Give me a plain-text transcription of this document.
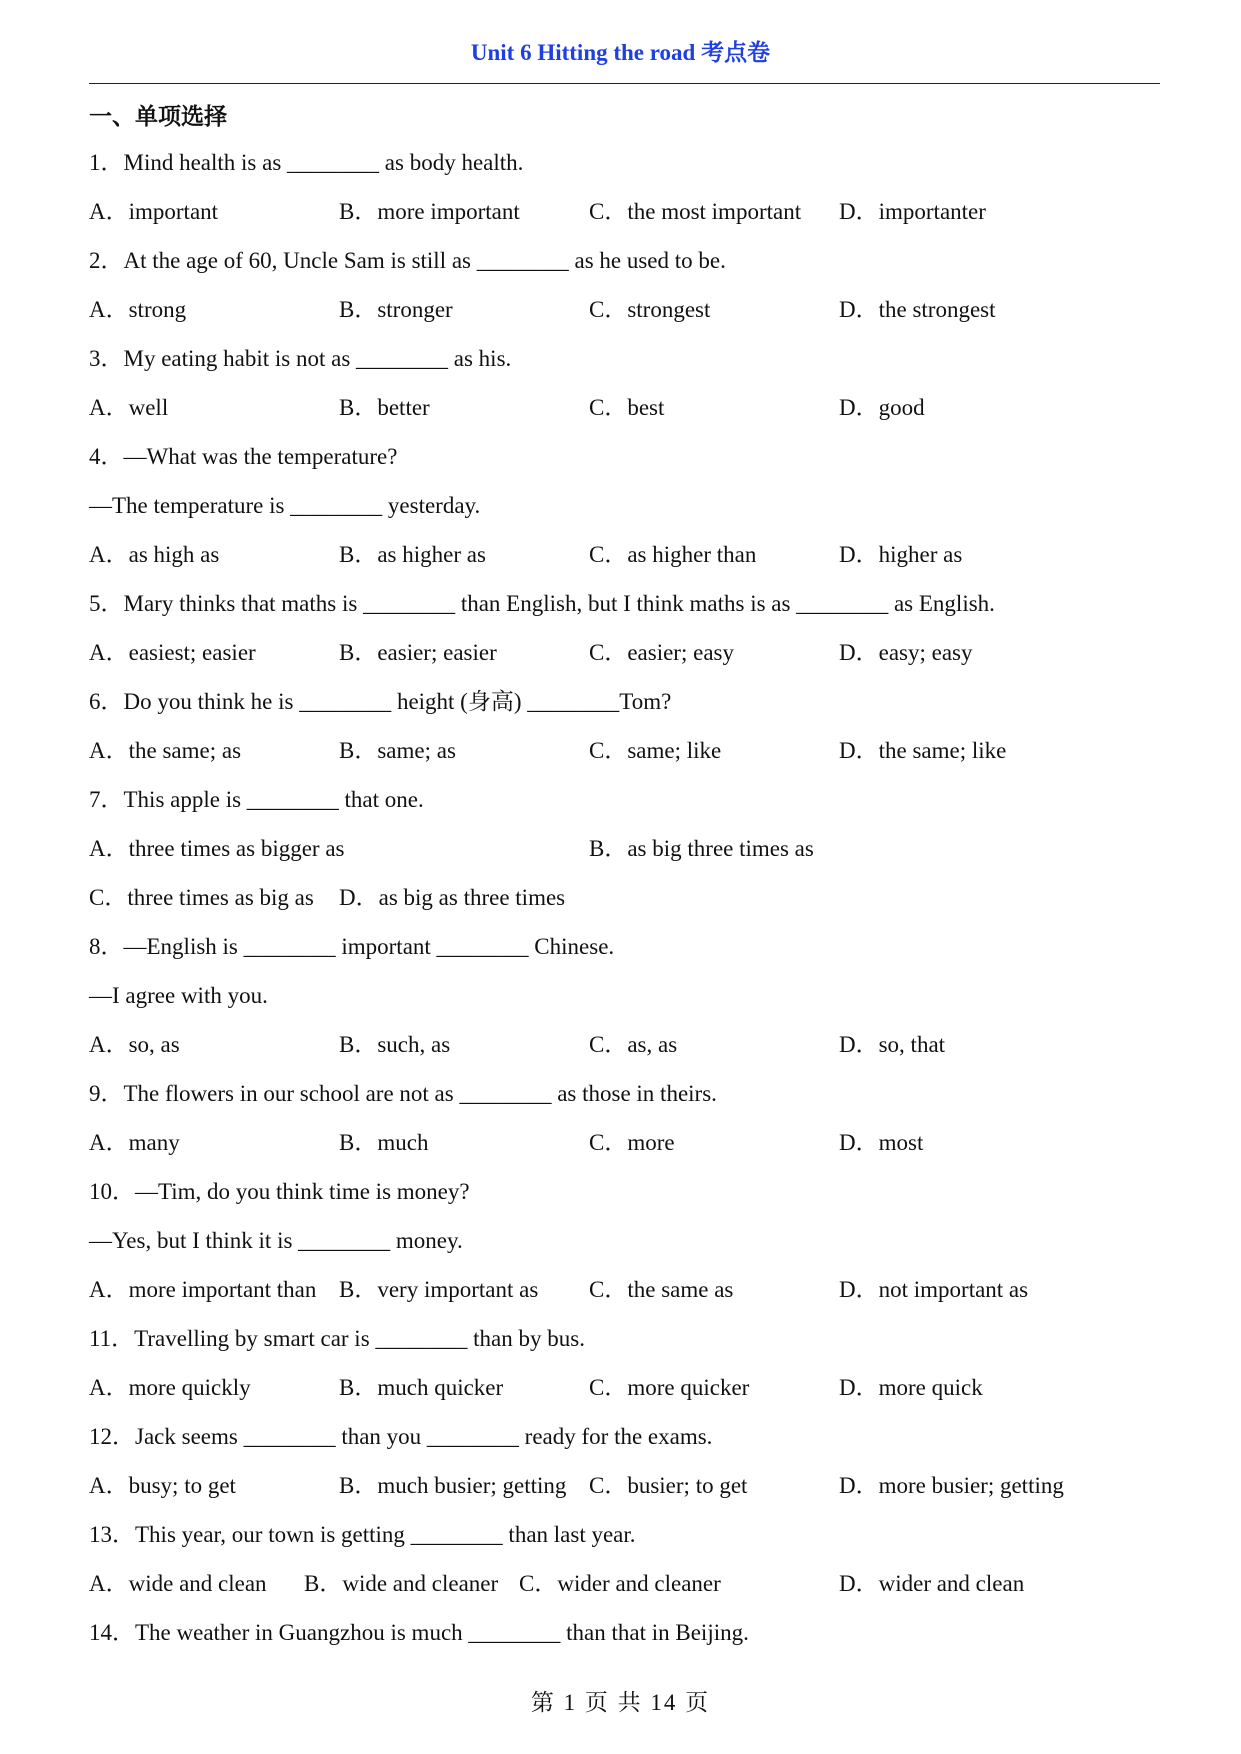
Unit 6 Hitting the road 考点卷
一、单项选择
1．Mind health is as ________ as body health.
A．important	B．more important	C．the most important D．importanter
2．At the age of 60, Uncle Sam is still as ________ as he used to be.
A．strong	B．stronger	C．strongest	D．the strongest
3．My eating habit is not as ________ as his.
A．well	B．better	C．best	D．good
4．—What was the temperature?
—The temperature is ________ yesterday.
A．as high as	B．as higher as	C．as higher than	D．higher as
5．Mary thinks that maths is ________ than English, but I think maths is as ________ as English.
A．easiest; easier	B．easier; easier	C．easier; easy	D．easy; easy
6．Do you think he is ________ height (身高) ________Tom?
A．the same; as	B．same; as	C．same; like	D．the same; like
7．This apple is ________ that one.
A．three times as bigger as	B．as big three times as
C．three times as big as D．as big as three times
8．—English is ________ important ________ Chinese.
—I agree with you.
A．so, as	B．such, as	C．as, as	D．so, that
9．The flowers in our school are not as ________ as those in theirs.
A．many	B．much	C．more	D．most
10．—Tim, do you think time is money?
—Yes, but I think it is ________ money.
A．more important than B．very important as C．the same as	D．not important as
11．Travelling by smart car is ________ than by bus.
A．more quickly	B．much quicker	C．more quicker	D．more quick
12．Jack seems ________ than you ________ ready for the exams.
A．busy; to get	B．much busier; getting C．busier; to get	D．more busier; getting
13．This year, our town is getting ________ than last year.
A．wide and clean B．wide and cleaner C．wider and cleaner	D．wider and clean
14．The weather in Guangzhou is much ________ than that in Beijing.
第 1 页 共 14 页
